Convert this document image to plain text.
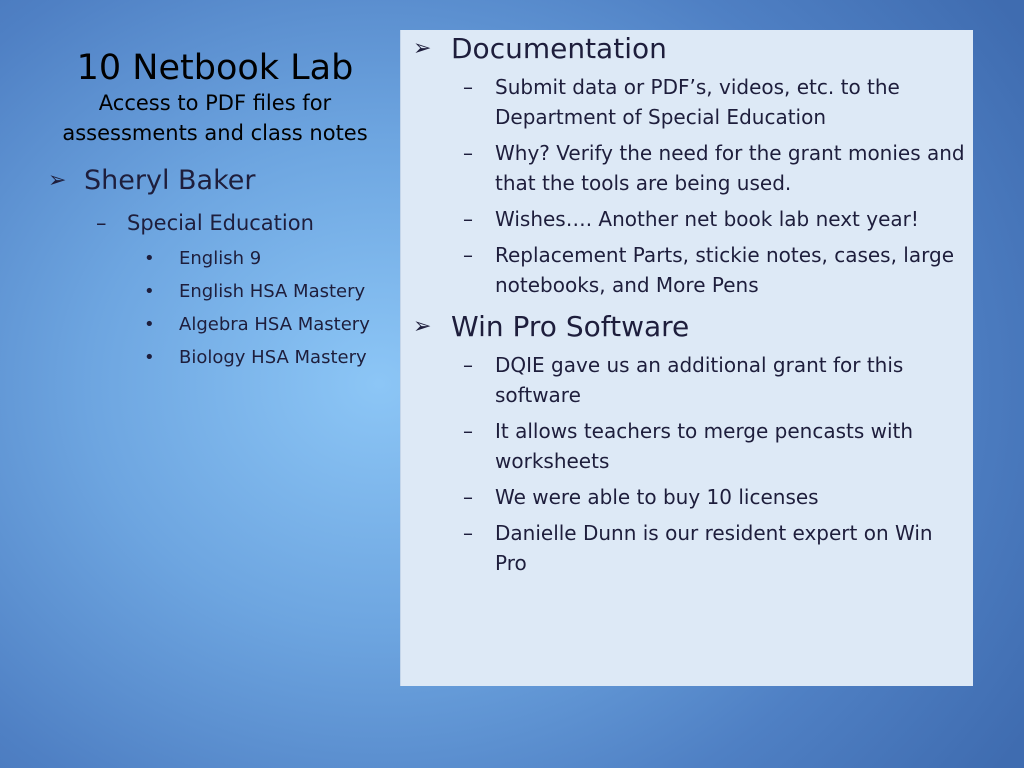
10 Netbook Lab
Access to PDF files for assessments and class notes
➢ Sheryl Baker
– Special Education
• English 9
• English HSA Mastery
• Algebra HSA Mastery
• Biology HSA Mastery
➢ Documentation
– Submit data or PDF’s, videos, etc. to the Department of Special Education
– Why? Verify the need for the grant monies and that the tools are being used.
– Wishes…. Another net book lab next year!
– Replacement Parts, stickie notes, cases, large notebooks, and More Pens
➢ Win Pro Software
– DQIE gave us an additional grant for this software
– It allows teachers to merge pencasts with worksheets
– We were able to buy 10 licenses
– Danielle Dunn is our resident expert on Win Pro
